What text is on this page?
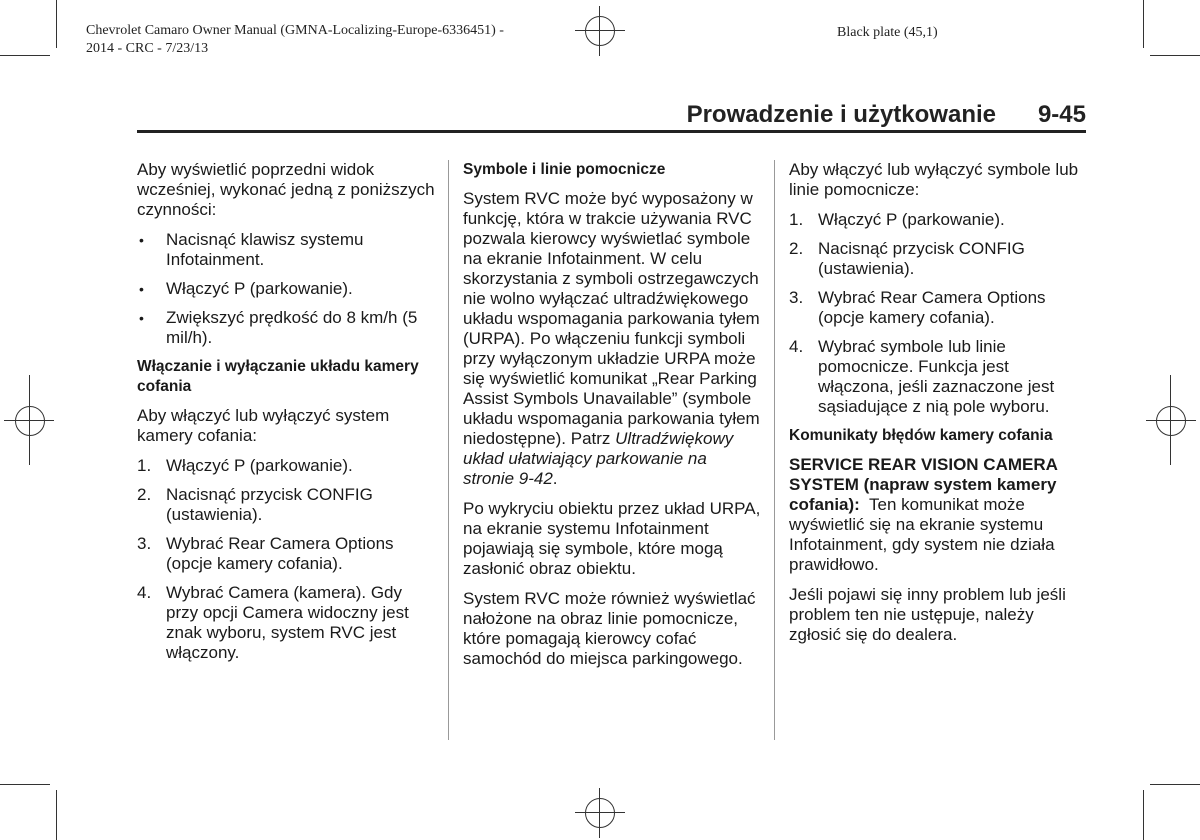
Chevrolet Camaro Owner Manual (GMNA-Localizing-Europe-6336451) -
2014 - CRC - 7/23/13
Black plate (45,1)
Prowadzenie i użytkowanie 9-45

Aby wyświetlić poprzedni widok wcześniej, wykonać jedną z poniższych czynności:

• Nacisnąć klawisz systemu Infotainment.
• Włączyć P (parkowanie).
• Zwiększyć prędkość do 8 km/h (5 mil/h).

Włączanie i wyłączanie układu kamery cofania

Aby włączyć lub wyłączyć system kamery cofania:

1. Włączyć P (parkowanie).
2. Nacisnąć przycisk CONFIG (ustawienia).
3. Wybrać Rear Camera Options (opcje kamery cofania).
4. Wybrać Camera (kamera). Gdy przy opcji Camera widoczny jest znak wyboru, system RVC jest włączony.

Symbole i linie pomocnicze

System RVC może być wyposażony w funkcję, która w trakcie używania RVC pozwala kierowcy wyświetlać symbole na ekranie Infotainment. W celu skorzystania z symboli ostrzegawczych nie wolno wyłączać ultradźwiękowego układu wspomagania parkowania tyłem (URPA). Po włączeniu funkcji symboli przy wyłączonym układzie URPA może się wyświetlić komunikat „Rear Parking Assist Symbols Unavailable” (symbole układu wspomagania parkowania tyłem niedostępne). Patrz Ultradźwiękowy układ ułatwiający parkowanie na stronie 9-42.

Po wykryciu obiektu przez układ URPA, na ekranie systemu Infotainment pojawiają się symbole, które mogą zasłonić obraz obiektu.

System RVC może również wyświetlać nałożone na obraz linie pomocnicze, które pomagają kierowcy cofać samochód do miejsca parkingowego.

Aby włączyć lub wyłączyć symbole lub linie pomocnicze:

1. Włączyć P (parkowanie).
2. Nacisnąć przycisk CONFIG (ustawienia).
3. Wybrać Rear Camera Options (opcje kamery cofania).
4. Wybrać symbole lub linie pomocnicze. Funkcja jest włączona, jeśli zaznaczone jest sąsiadujące z nią pole wyboru.

Komunikaty błędów kamery cofania

SERVICE REAR VISION CAMERA SYSTEM (napraw system kamery cofania): Ten komunikat może wyświetlić się na ekranie systemu Infotainment, gdy system nie działa prawidłowo.

Jeśli pojawi się inny problem lub jeśli problem ten nie ustępuje, należy zgłosić się do dealera.
